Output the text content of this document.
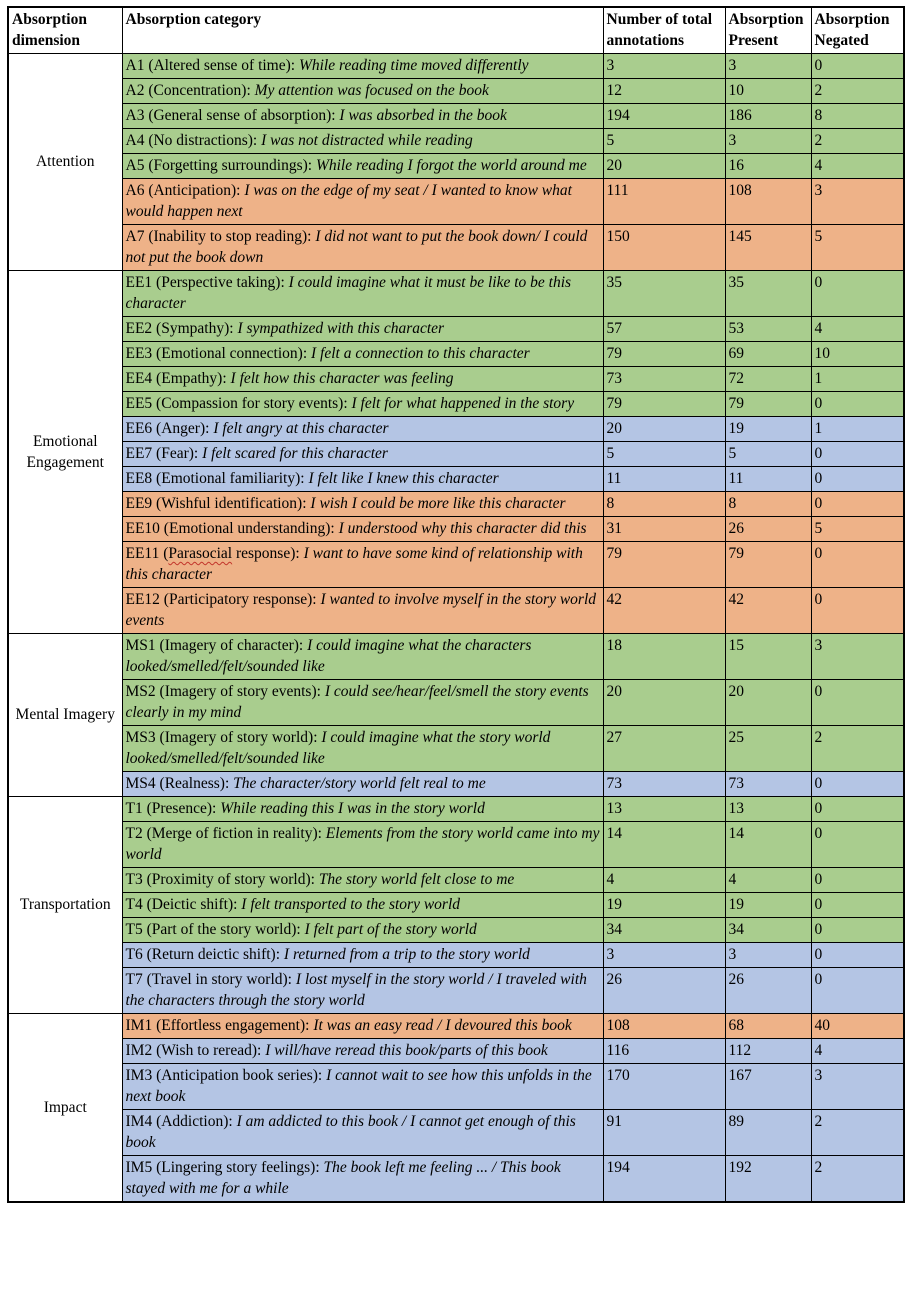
Absorption dimension	Absorption category	Number of total annotations	Absorption Present	Absorption Negated
Attention	A1 (Altered sense of time): While reading time moved differently	3	3	0
	A2 (Concentration): My attention was focused on the book	12	10	2
	A3 (General sense of absorption): I was absorbed in the book	194	186	8
	A4 (No distractions): I was not distracted while reading	5	3	2
	A5 (Forgetting surroundings): While reading I forgot the world around me	20	16	4
	A6 (Anticipation): I was on the edge of my seat / I wanted to know what would happen next	111	108	3
	A7 (Inability to stop reading): I did not want to put the book down/ I could not put the book down	150	145	5
Emotional Engagement	EE1 (Perspective taking): I could imagine what it must be like to be this character	35	35	0
	EE2 (Sympathy): I sympathized with this character	57	53	4
	EE3 (Emotional connection): I felt a connection to this character	79	69	10
	EE4 (Empathy): I felt how this character was feeling	73	72	1
	EE5 (Compassion for story events): I felt for what happened in the story	79	79	0
	EE6 (Anger): I felt angry at this character	20	19	1
	EE7 (Fear): I felt scared for this character	5	5	0
	EE8 (Emotional familiarity): I felt like I knew this character	11	11	0
	EE9 (Wishful identification): I wish I could be more like this character	8	8	0
	EE10 (Emotional understanding): I understood why this character did this	31	26	5
	EE11 (Parasocial response): I want to have some kind of relationship with this character	79	79	0
	EE12 (Participatory response): I wanted to involve myself in the story world events	42	42	0
Mental Imagery	MS1 (Imagery of character): I could imagine what the characters looked/smelled/felt/sounded like	18	15	3
	MS2 (Imagery of story events): I could see/hear/feel/smell the story events clearly in my mind	20	20	0
	MS3 (Imagery of story world): I could imagine what the story world looked/smelled/felt/sounded like	27	25	2
	MS4 (Realness): The character/story world felt real to me	73	73	0
Transportation	T1 (Presence): While reading this I was in the story world	13	13	0
	T2 (Merge of fiction in reality): Elements from the story world came into my world	14	14	0
	T3 (Proximity of story world): The story world felt close to me	4	4	0
	T4 (Deictic shift): I felt transported to the story world	19	19	0
	T5 (Part of the story world): I felt part of the story world	34	34	0
	T6 (Return deictic shift): I returned from a trip to the story world	3	3	0
	T7 (Travel in story world): I lost myself in the story world / I traveled with the characters through the story world	26	26	0
Impact	IM1 (Effortless engagement): It was an easy read / I devoured this book	108	68	40
	IM2 (Wish to reread): I will/have reread this book/parts of this book	116	112	4
	IM3 (Anticipation book series): I cannot wait to see how this unfolds in the next book	170	167	3
	IM4 (Addiction): I am addicted to this book / I cannot get enough of this book	91	89	2
	IM5 (Lingering story feelings): The book left me feeling ... / This book stayed with me for a while	194	192	2
